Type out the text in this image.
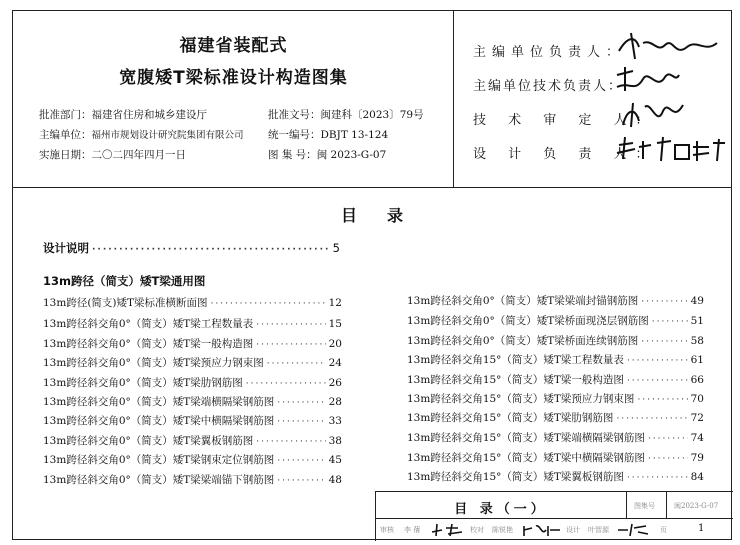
福建省装配式
宽腹矮T梁标准设计构造图集
批准部门：福建省住房和城乡建设厅
主编单位：福州市规划设计研究院集团有限公司
实施日期：二〇二四年四月一日
批准文号：闽建科〔2023〕79号
统一编号：DBJT 13-124
图 集 号：闽 2023-G-07
主编单位负责人：
主编单位技术负责人：
技 术 审 定 人：
设 计 负 责 人：
目录
设计说明 ·····	5
13m跨径（简支）矮T梁通用图
13m跨径(简支)矮T梁标准横断面图 ·····	12
13m跨径斜交角0°（简支）矮T梁工程数量表 ·····	15
13m跨径斜交角0°（简支）矮T梁一般构造图 ·····	20
13m跨径斜交角0°（简支）矮T梁预应力钢束图 ·····	24
13m跨径斜交角0°（简支）矮T梁肋钢筋图 ·····	26
13m跨径斜交角0°（简支）矮T梁端横隔梁钢筋图 ·····	28
13m跨径斜交角0°（简支）矮T梁中横隔梁钢筋图 ·····	33
13m跨径斜交角0°（简支）矮T梁翼板钢筋图 ·····	38
13m跨径斜交角0°（简支）矮T梁钢束定位钢筋图 ·····	45
13m跨径斜交角0°（简支）矮T梁梁端锚下钢筋图 ·····	48
13m跨径斜交角0°（简支）矮T梁梁端封锚钢筋图 ·····	49
13m跨径斜交角0°（简支）矮T梁桥面现浇层钢筋图 ·····	51
13m跨径斜交角0°（简支）矮T梁桥面连续钢筋图 ·····	58
13m跨径斜交角15°（简支）矮T梁工程数量表 ·····	61
13m跨径斜交角15°（简支）矮T梁一般构造图 ·····	66
13m跨径斜交角15°（简支）矮T梁预应力钢束图 ·····	70
13m跨径斜交角15°（简支）矮T梁肋钢筋图 ·····	72
13m跨径斜交角15°（简支）矮T梁端横隔梁钢筋图 ·····	74
13m跨径斜交角15°（简支）矮T梁中横隔梁钢筋图 ·····	79
13m跨径斜交角15°（简支）矮T梁翼板钢筋图 ·····	84
目 录（一）	图集号	闽2023-G-07
审核 李 蒨	校对 陈锐艳	设计 叶智源	页	1
